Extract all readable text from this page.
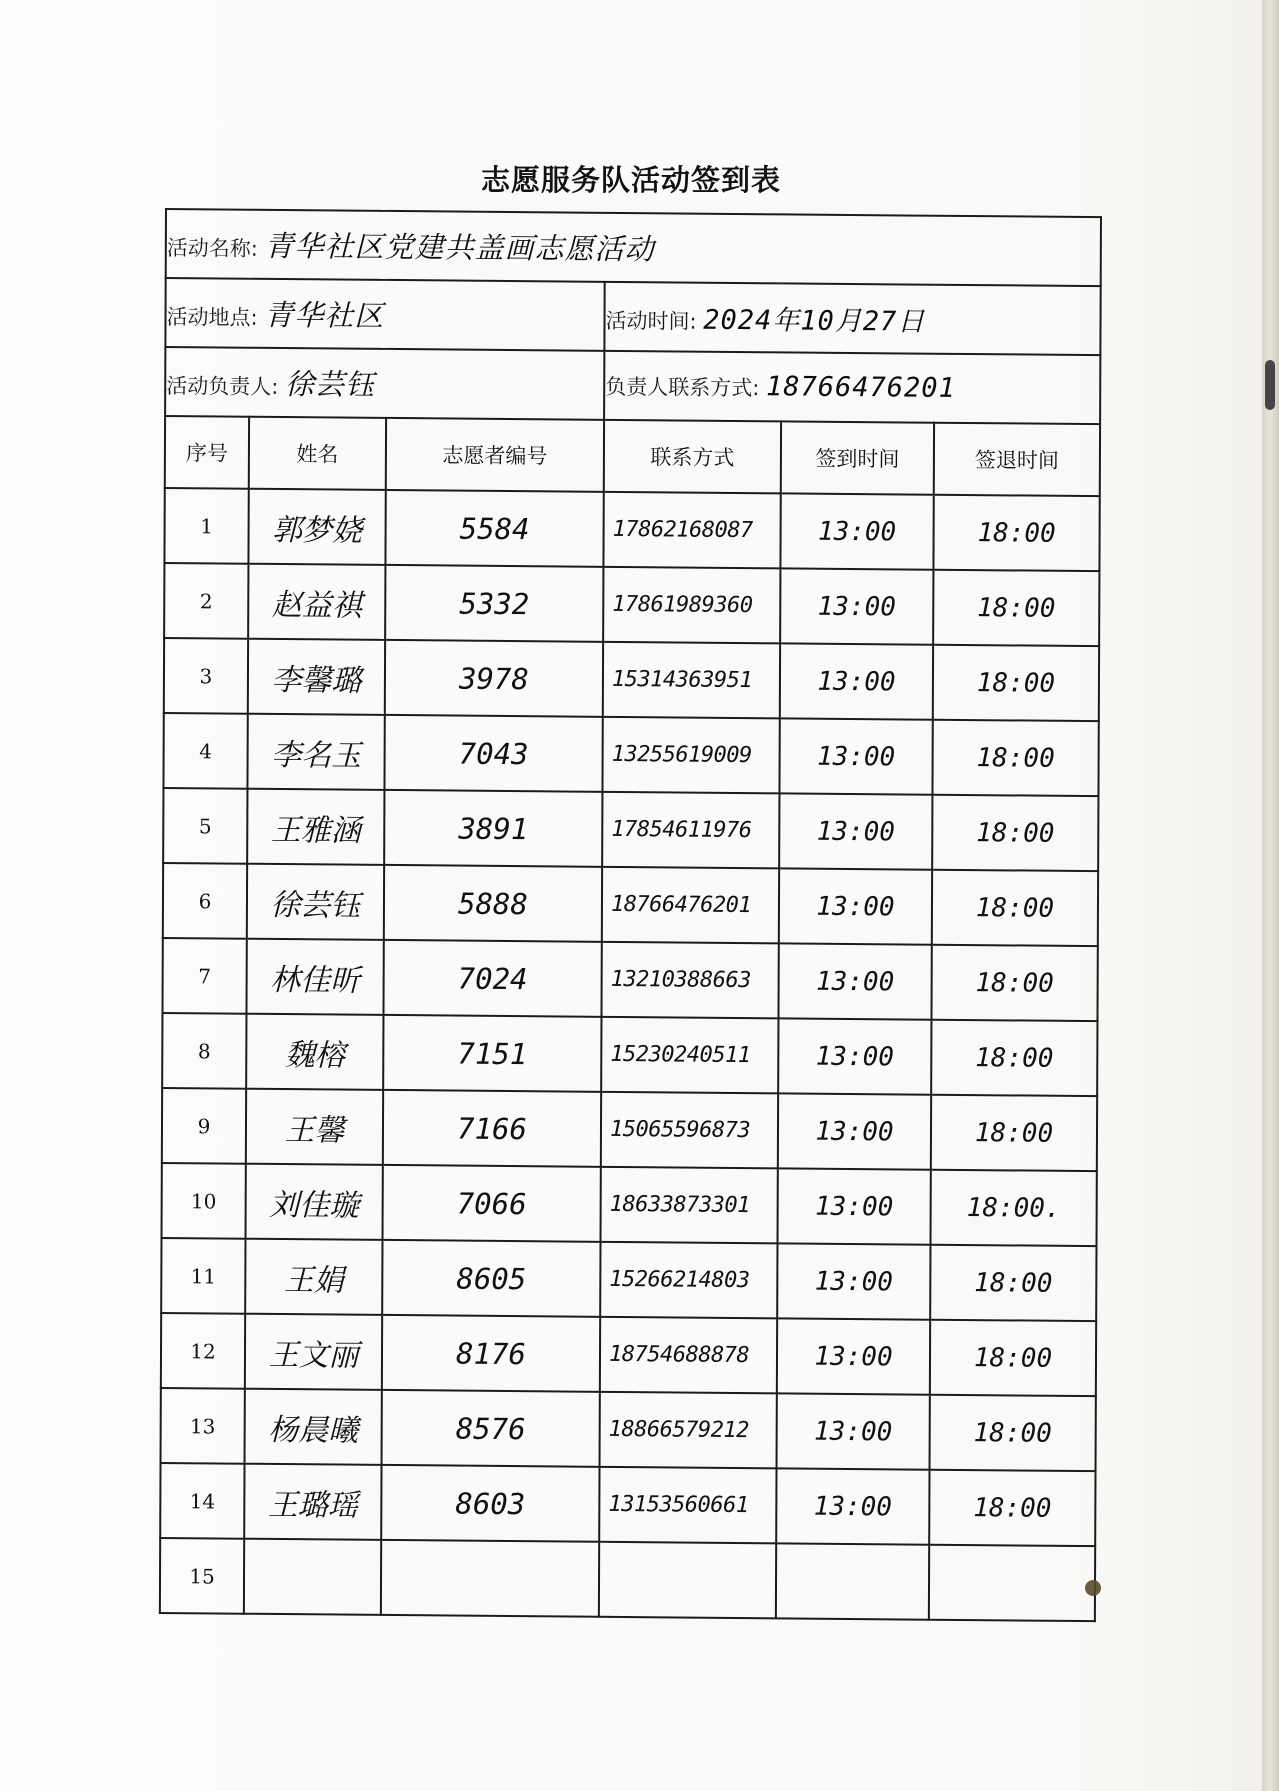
志愿服务队活动签到表
活动名称: 青华社区党建共盖画志愿活动					
活动地点: 青华社区			活动时间: 2024年10月27日		
活动负责人: 徐芸钰			负责人联系方式: 18766476201		
序号	姓名	志愿者编号	联系方式	签到时间	签退时间
1	郭梦娆	5584	17862168087	13:00	18:00
2	赵益祺	5332	17861989360	13:00	18:00
3	李馨璐	3978	15314363951	13:00	18:00
4	李名玉	7043	13255619009	13:00	18:00
5	王雅涵	3891	17854611976	13:00	18:00
6	徐芸钰	5888	18766476201	13:00	18:00
7	林佳昕	7024	13210388663	13:00	18:00
8	魏榕	7151	15230240511	13:00	18:00
9	王馨	7166	15065596873	13:00	18:00
10	刘佳璇	7066	18633873301	13:00	18:00.
11	王娟	8605	15266214803	13:00	18:00
12	王文丽	8176	18754688878	13:00	18:00
13	杨晨曦	8576	18866579212	13:00	18:00
14	王璐瑶	8603	13153560661	13:00	18:00
15					
